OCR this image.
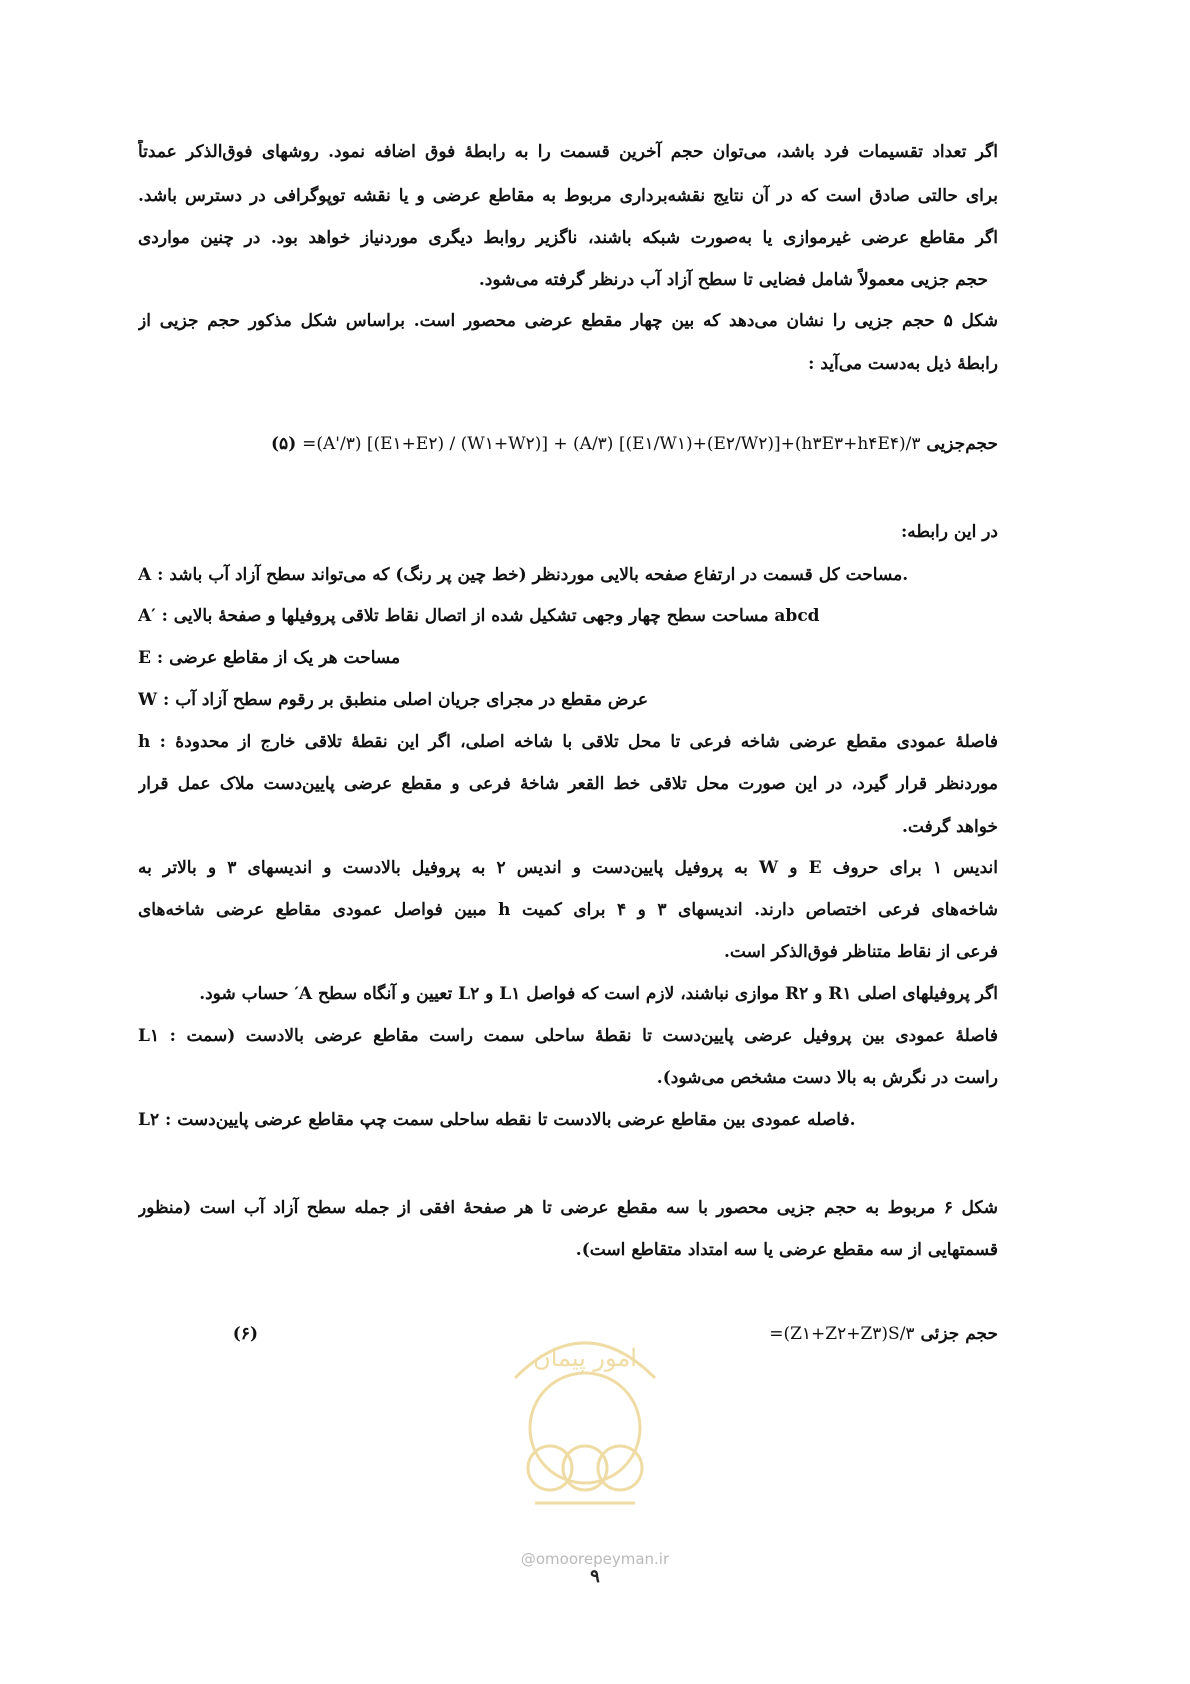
اگر تعداد تقسیمات فرد باشد، می‌توان حجم آخرین قسمت را به رابطهٔ فوق اضافه نمود. روشهای فوق‌الذکر عمدتاً
برای حالتی صادق است که در آن نتایج نقشه‌برداری مربوط به مقاطع عرضی و یا نقشه توپوگرافی در دسترس باشد.
اگر مقاطع عرضی غیرموازی یا به‌صورت شبکه باشند، ناگزیر روابط دیگری موردنیاز خواهد بود. در چنین مواردی
حجم جزیی معمولاً شامل فضایی تا سطح آزاد آب درنظر گرفته می‌شود.
شکل ۵ حجم جزیی را نشان می‌دهد که بین چهار مقطع عرضی محصور است. براساس شکل مذکور حجم جزیی از
رابطهٔ ذیل به‌دست می‌آید :
حجم‌جزیی =(A'/۳) [(E۱+E۲) / (W۱+W۲)] + (A/۳) [(E۱/W۱)+(E۲/W۲)]+(h۳E۳+h۴E۴)/۳ (۵)
در این رابطه:
A : مساحت کل قسمت در ارتفاع صفحه بالایی موردنظر (خط چین پر رنگ) که می‌تواند سطح آزاد آب باشد.
A′ : مساحت سطح چهار وجهی تشکیل شده از اتصال نقاط تلاقی پروفیلها و صفحهٔ بالایی abcd
E : مساحت هر یک از مقاطع عرضی
W : عرض مقطع در مجرای جریان اصلی منطبق بر رقوم سطح آزاد آب
h : فاصلهٔ عمودی مقطع عرضی شاخه فرعی تا محل تلاقی با شاخه اصلی، اگر این نقطهٔ تلاقی خارج از محدودهٔ
موردنظر قرار گیرد، در این صورت محل تلاقی خط القعر شاخهٔ فرعی و مقطع عرضی پایین‌دست ملاک عمل قرار
خواهد گرفت.
اندیس ۱ برای حروف E و W به پروفیل پایین‌دست و اندیس ۲ به پروفیل بالادست و اندیسهای ۳ و بالاتر به
شاخه‌های فرعی اختصاص دارند. اندیسهای ۳ و ۴ برای کمیت h مبین فواصل عمودی مقاطع عرضی شاخه‌های
فرعی از نقاط متناظر فوق‌الذکر است.
اگر پروفیلهای اصلی R۱ و R۲ موازی نباشند، لازم است که فواصل L۱ و L۲ تعیین و آنگاه سطح A′ حساب شود.
L۱ : فاصلهٔ عمودی بین پروفیل عرضی پایین‌دست تا نقطهٔ ساحلی سمت راست مقاطع عرضی بالادست (سمت
راست در نگرش به بالا دست مشخص می‌شود).
L۲ : فاصله عمودی بین مقاطع عرضی بالادست تا نقطه ساحلی سمت چپ مقاطع عرضی پایین‌دست.
شکل ۶ مربوط به حجم جزیی محصور با سه مقطع عرضی تا هر صفحهٔ افقی از جمله سطح آزاد آب است (منظور
قسمتهایی از سه مقطع عرضی یا سه امتداد متقاطع است).
حجم جزئی =(Z۱+Z۲+Z۳)S/۳
(۶)
امور پیمان
@omoorepeyman.ir
۹
